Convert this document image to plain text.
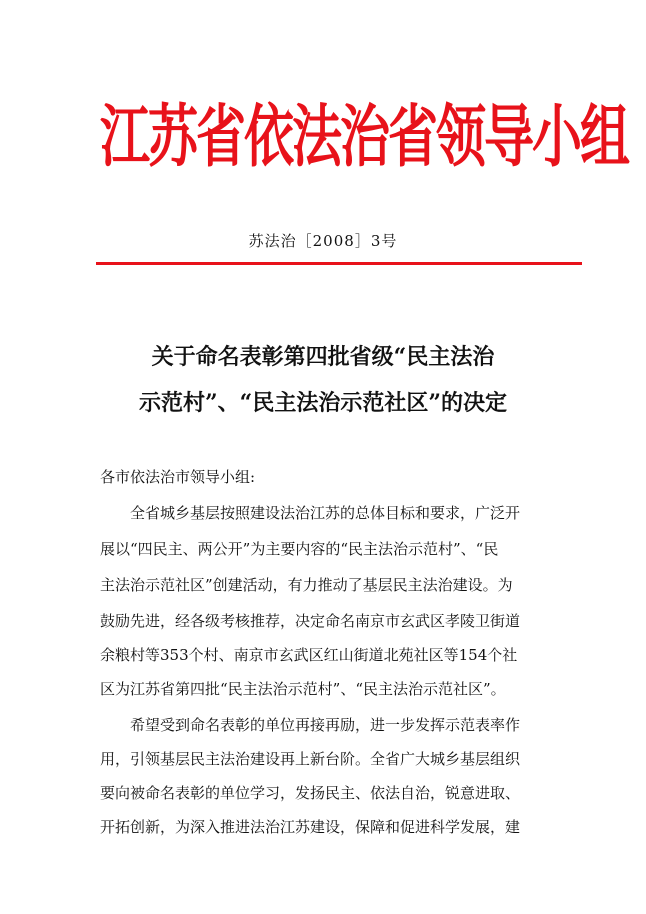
江苏省依法治省领导小组
苏法治［2008］3号
关于命名表彰第四批省级“民主法治
示范村”、“民主法治示范社区”的决定
各市依法治市领导小组:
　　全省城乡基层按照建设法治江苏的总体目标和要求，广泛开
展以“四民主、两公开”为主要内容的“民主法治示范村”、“民
主法治示范社区”创建活动，有力推动了基层民主法治建设。为
鼓励先进，经各级考核推荐，决定命名南京市玄武区孝陵卫街道
余粮村等353个村、南京市玄武区红山街道北苑社区等154个社
区为江苏省第四批“民主法治示范村”、“民主法治示范社区”。
　　希望受到命名表彰的单位再接再励，进一步发挥示范表率作
用，引领基层民主法治建设再上新台阶。全省广大城乡基层组织
要向被命名表彰的单位学习，发扬民主、依法自治，锐意进取、
开拓创新，为深入推进法治江苏建设，保障和促进科学发展，建
